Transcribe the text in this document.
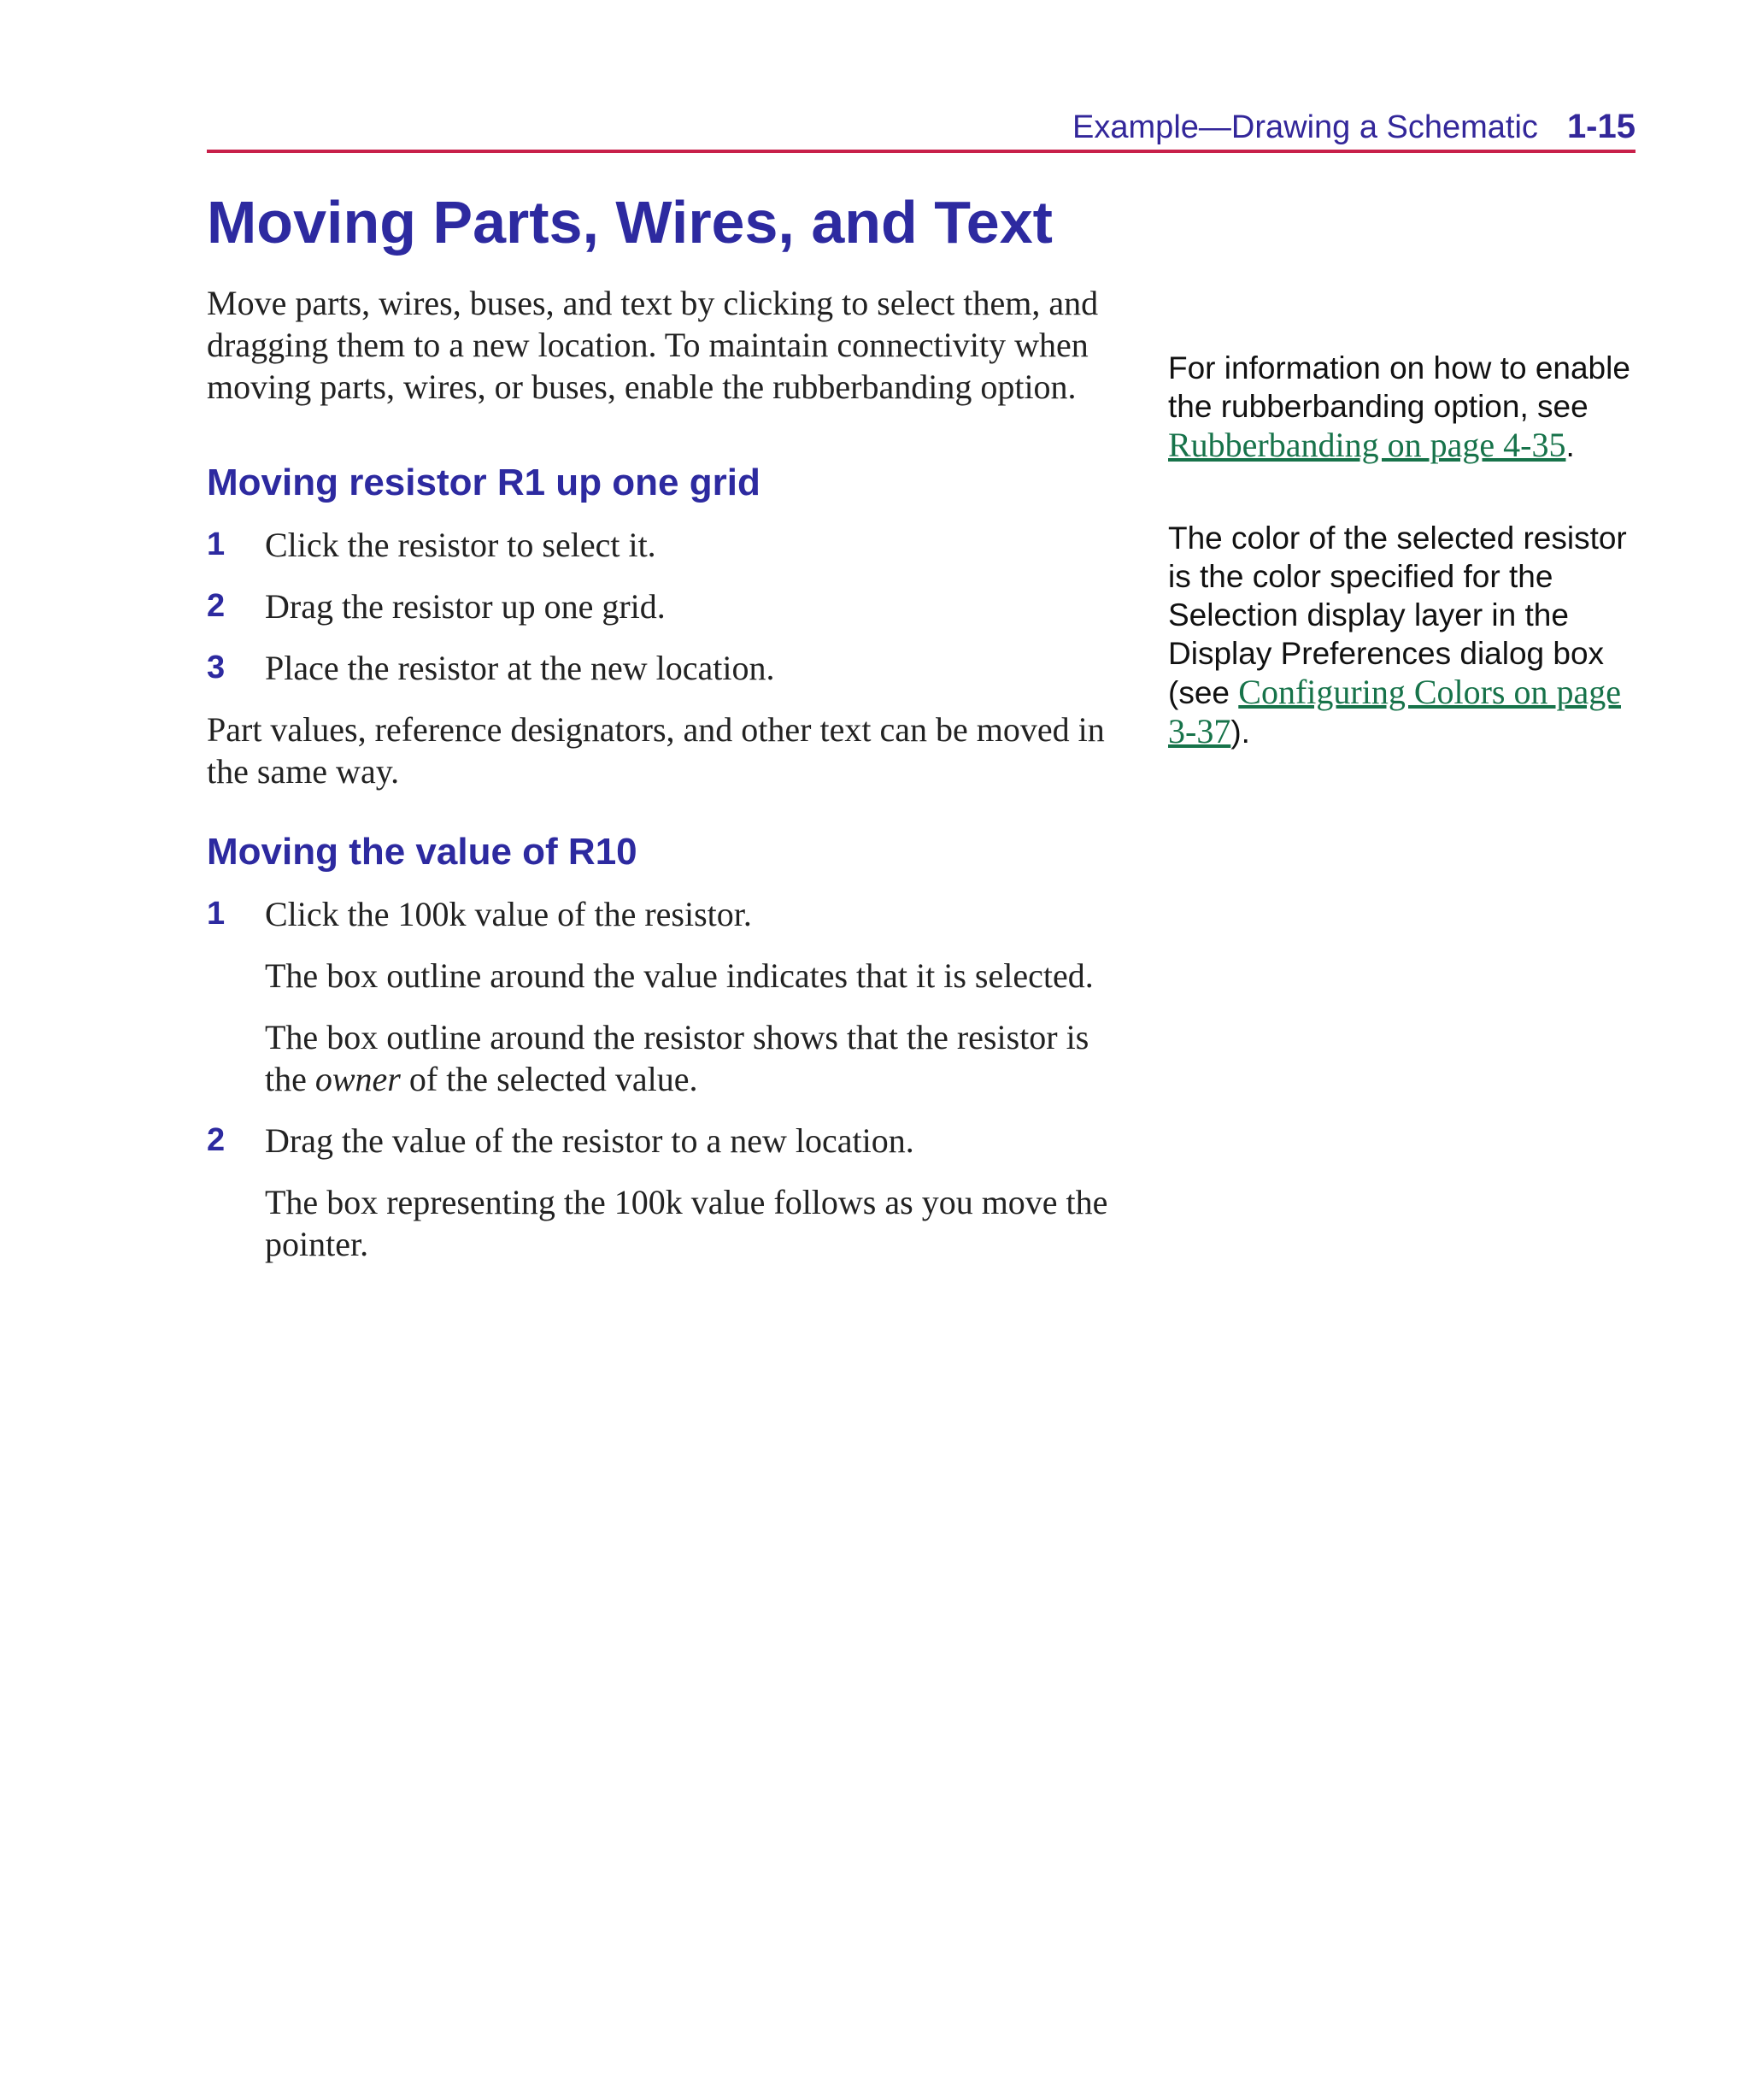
Example—Drawing a Schematic 1-15
Moving Parts, Wires, and Text

Move parts, wires, buses, and text by clicking to select them, and dragging them to a new location. To maintain connectivity when moving parts, wires, or buses, enable the rubberbanding option.

Moving resistor R1 up one grid
1 Click the resistor to select it.
2 Drag the resistor up one grid.
3 Place the resistor at the new location.

Part values, reference designators, and other text can be moved in the same way.

Moving the value of R10
1 Click the 100k value of the resistor.

The box outline around the value indicates that it is selected.

The box outline around the resistor shows that the resistor is the owner of the selected value.

2 Drag the value of the resistor to a new location.

The box representing the 100k value follows as you move the pointer.

For information on how to enable the rubberbanding option, see Rubberbanding on page 4-35.
The color of the selected resistor is the color specified for the Selection display layer in the Display Preferences dialog box (see Configuring Colors on page 3-37).
